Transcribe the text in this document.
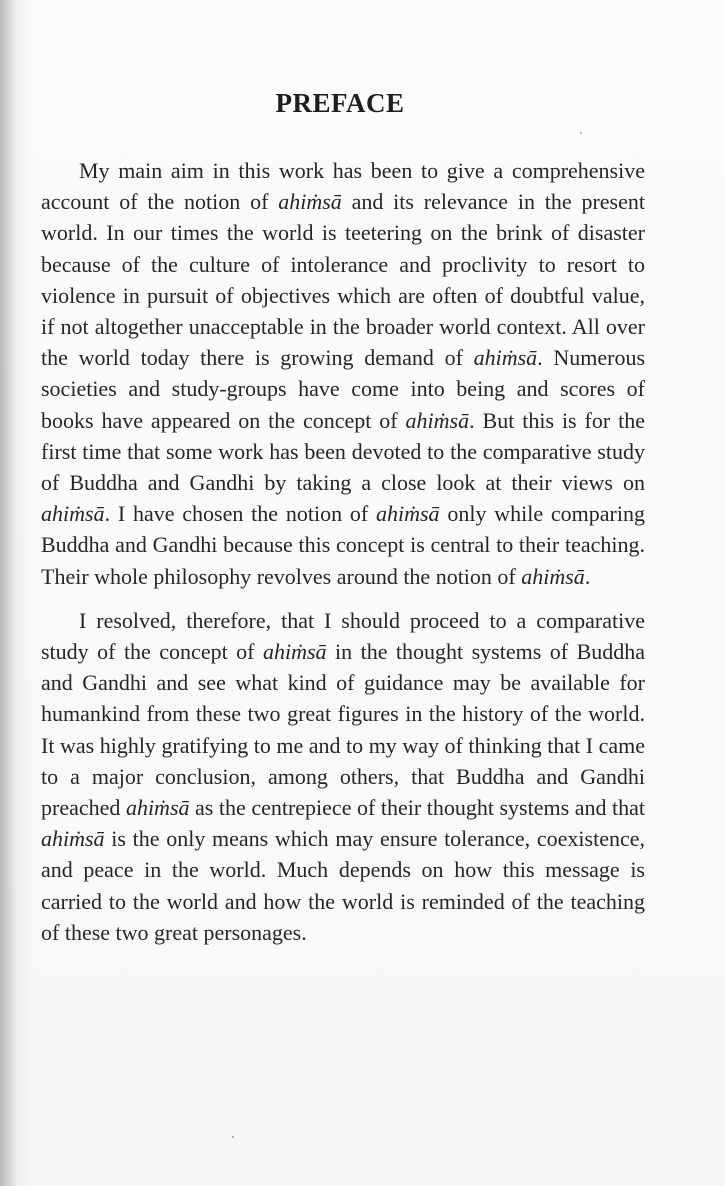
PREFACE

My main aim in this work has been to give a comprehensive account of the notion of ahiṁsā and its relevance in the present world. In our times the world is teetering on the brink of disaster because of the culture of intolerance and proclivity to resort to violence in pursuit of objectives which are often of doubtful value, if not altogether unacceptable in the broader world context. All over the world today there is growing demand of ahiṁsā. Numerous societies and study-groups have come into being and scores of books have appeared on the concept of ahiṁsā. But this is for the first time that some work has been devoted to the comparative study of Buddha and Gandhi by taking a close look at their views on ahiṁsā. I have chosen the notion of ahiṁsā only while comparing Buddha and Gandhi because this concept is central to their teaching. Their whole philosophy revolves around the notion of ahiṁsā.

I resolved, therefore, that I should proceed to a comparative study of the concept of ahiṁsā in the thought systems of Buddha and Gandhi and see what kind of guidance may be available for humankind from these two great figures in the history of the world. It was highly gratifying to me and to my way of thinking that I came to a major conclusion, among others, that Buddha and Gandhi preached ahiṁsā as the centrepiece of their thought systems and that ahiṁsā is the only means which may ensure tolerance, coexistence, and peace in the world. Much depends on how this message is carried to the world and how the world is reminded of the teaching of these two great personages.
